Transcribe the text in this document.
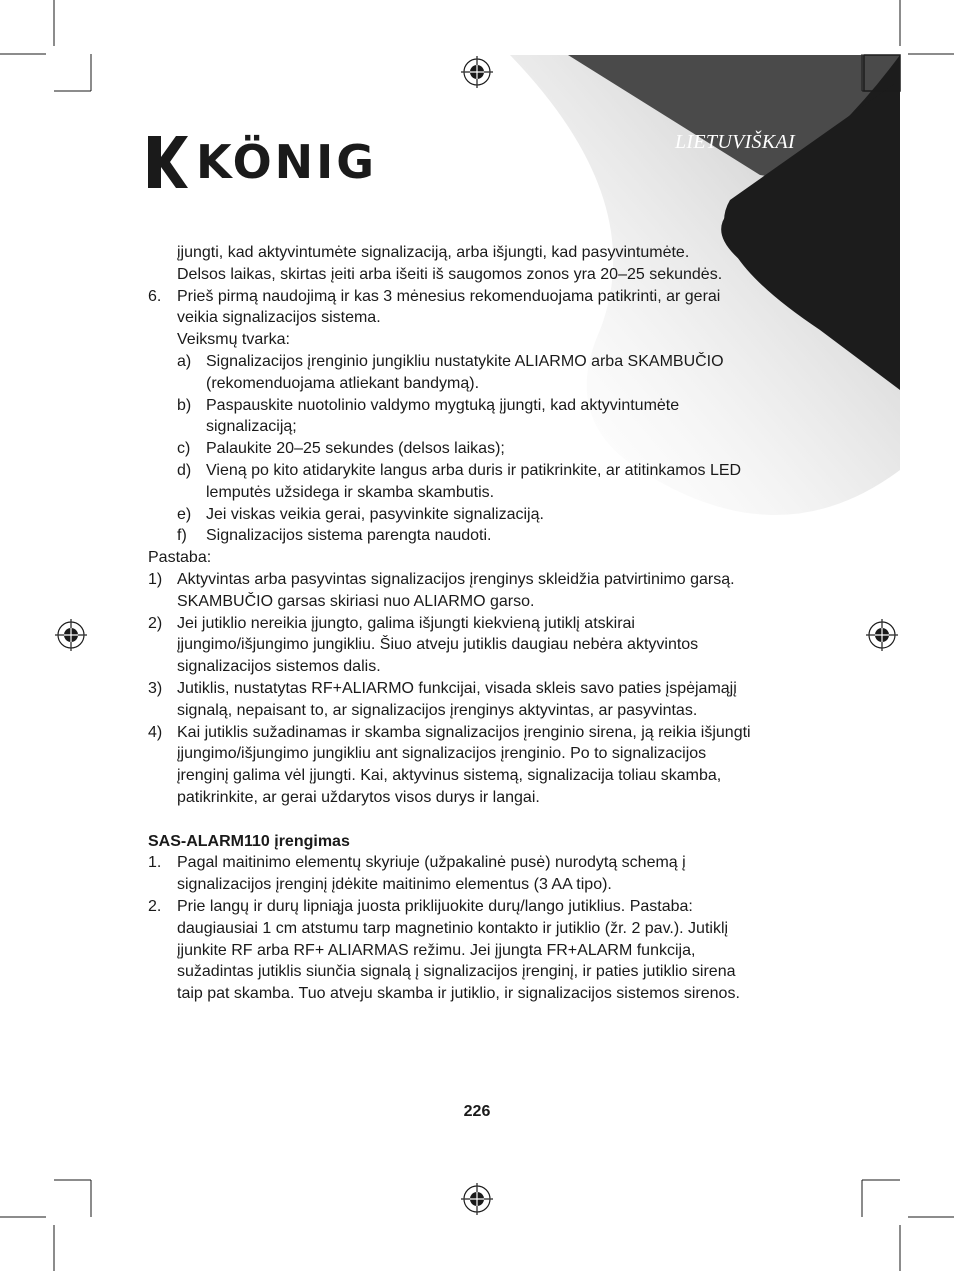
KÖNIG	LIETUVIŠKAI
įjungti, kad aktyvintumėte signalizaciją, arba išjungti, kad pasyvintumėte.
Delsos laikas, skirtas įeiti arba išeiti iš saugomos zonos yra 20–25 sekundės.
6. Prieš pirmą naudojimą ir kas 3 mėnesius rekomenduojama patikrinti, ar gerai veikia signalizacijos sistema.
Veiksmų tvarka:
a) Signalizacijos įrenginio jungikliu nustatykite ALIARMO arba SKAMBUČIO (rekomenduojama atliekant bandymą).
b) Paspauskite nuotolinio valdymo mygtuką įjungti, kad aktyvintumėte signalizaciją;
c) Palaukite 20–25 sekundes (delsos laikas);
d) Vieną po kito atidarykite langus arba duris ir patikrinkite, ar atitinkamos LED lemputės užsidega ir skamba skambutis.
e) Jei viskas veikia gerai, pasyvinkite signalizaciją.
f)	Signalizacijos sistema parengta naudoti.
Pastaba:
1) Aktyvintas arba pasyvintas signalizacijos įrenginys skleidžia patvirtinimo garsą. SKAMBUČIO garsas skiriasi nuo ALIARMO garso.
2) Jei jutiklio nereikia įjungto, galima išjungti kiekvieną jutiklį atskirai įjungimo/išjungimo jungikliu. Šiuo atveju jutiklis daugiau nebėra aktyvintos signalizacijos sistemos dalis.
3) Jutiklis, nustatytas RF+ALIARMO funkcijai, visada skleis savo paties įspėjamąjį signalą, nepaisant to, ar signalizacijos įrenginys aktyvintas, ar pasyvintas.
4) Kai jutiklis sužadinamas ir skamba signalizacijos įrenginio sirena, ją reikia išjungti įjungimo/išjungimo jungikliu ant signalizacijos įrenginio. Po to signalizacijos įrenginį galima vėl įjungti. Kai, aktyvinus sistemą, signalizacija toliau skamba, patikrinkite, ar gerai uždarytos visos durys ir langai.
SAS-ALARM110 įrengimas
1. Pagal maitinimo elementų skyriuje (užpakalinė pusė) nurodytą schemą į signalizacijos įrenginį įdėkite maitinimo elementus (3 AA tipo).
2. Prie langų ir durų lipniąja juosta priklijuokite durų/lango jutiklius. Pastaba: daugiausiai 1 cm atstumu tarp magnetinio kontakto ir jutiklio (žr. 2 pav.). Jutiklį įjunkite RF arba RF+ ALIARMAS režimu. Jei įjungta FR+ALARM funkcija, sužadintas jutiklis siunčia signalą į signalizacijos įrenginį, ir paties jutiklio sirena taip pat skamba. Tuo atveju skamba ir jutiklio, ir signalizacijos sistemos sirenos.
226
